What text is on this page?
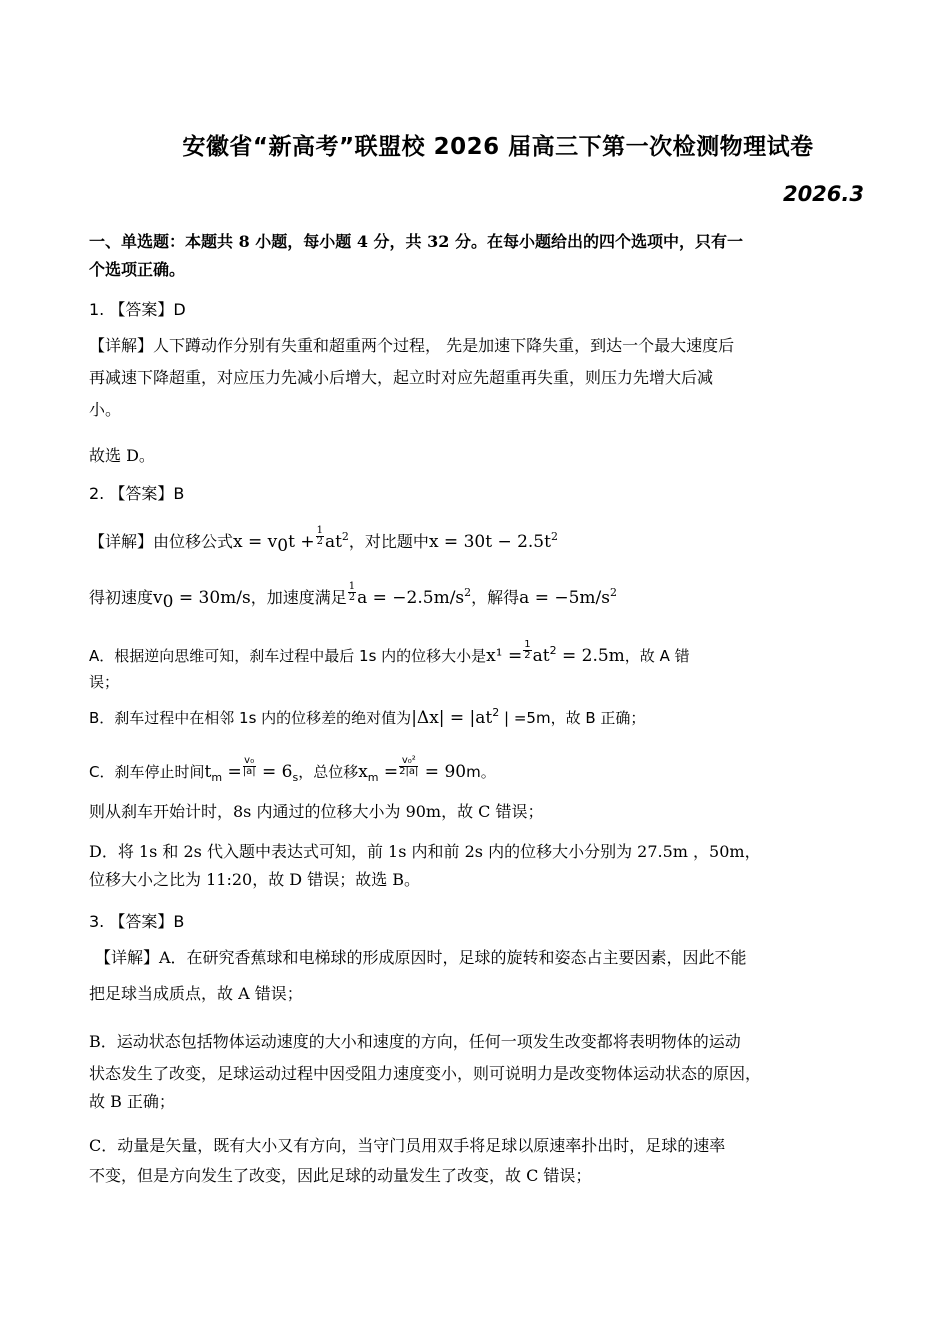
安徽省“新高考”联盟校 2026 届高三下第一次检测物理试卷
2026.3
一、单选题：本题共 8 小题，每小题 4 分，共 32 分。在每小题给出的四个选项中，只有一
个选项正确。
1. 【答案】D
【详解】人下蹲动作分别有失重和超重两个过程， 先是加速下降失重，到达一个最大速度后
再减速下降超重，对应压力先减小后增大，起立时对应先超重再失重，则压力先增大后减
小。
故选 D。
2. 【答案】B
【详解】由位移公式$x = v_0t + \frac{1}{2} at^2$，对比题中$x = 30t - 2.5t^2$
得初速度$v_0 = 30m/s$，加速度满足 $\frac{1}{2}$ $a = -2.5m/s^2$，解得$a = -5m/s^2$
A．根据逆向思维可知，刹车过程中最后 1s 内的位移大小是$x^1 = \frac{1}{2} at^2 = 2.5m$，故 A 错
误；
B．刹车过程中在相邻 1s 内的位移差的绝对值为$|\Delta x| = |at^2$ | =5m，故 B 正确；
C．刹车停止时间$t_m = \frac{\text{v₀}}{|a|} = 6_s$，总位移$x_m = \frac{\text{v₀²}}{2|a|} = 90m$。
则从刹车开始计时，8s 内通过的位移大小为 90m，故 C 错误；
D．将 1s 和 2s 代入题中表达式可知，前 1s 内和前 2s 内的位移大小分别为 27.5m ，50m，
位移大小之比为 11:20，故 D 错误；故选 B。
3. 【答案】B
【详解】A．在研究香蕉球和电梯球的形成原因时，足球的旋转和姿态占主要因素，因此不能
把足球当成质点，故 A 错误；
B．运动状态包括物体运动速度的大小和速度的方向，任何一项发生改变都将表明物体的运动
状态发生了改变，足球运动过程中因受阻力速度变小，则可说明力是改变物体运动状态的原因，
故 B 正确；
C．动量是矢量，既有大小又有方向，当守门员用双手将足球以原速率扑出时，足球的速率
不变，但是方向发生了改变，因此足球的动量发生了改变，故 C 错误；
